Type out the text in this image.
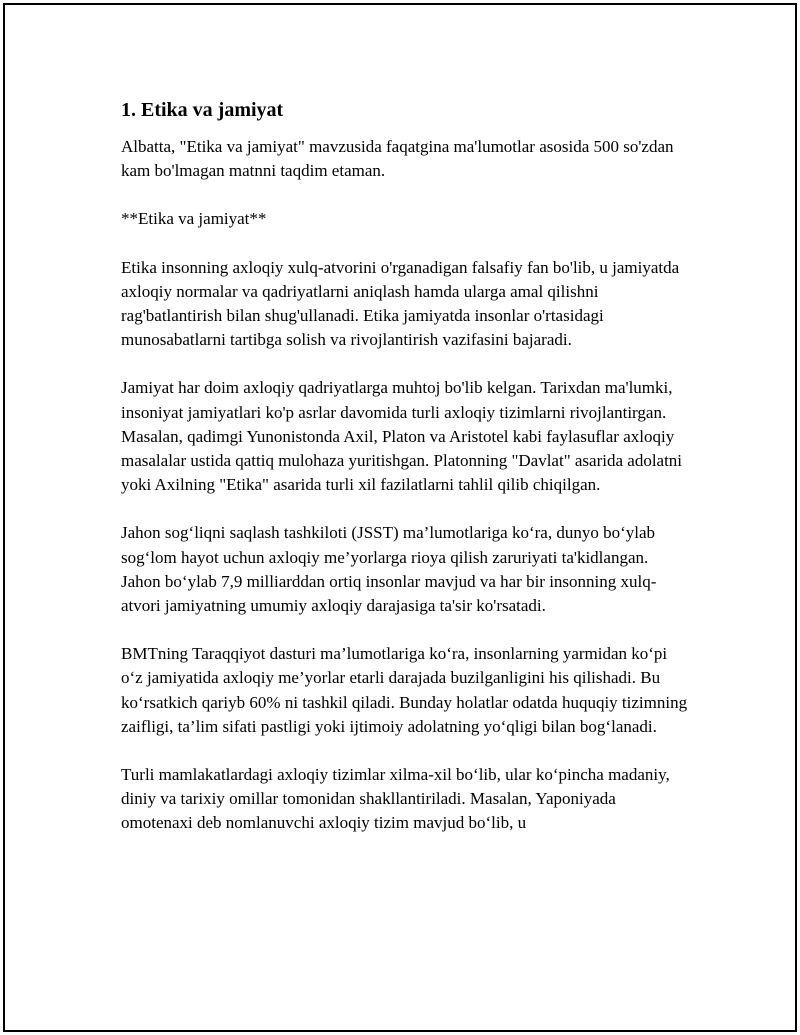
1. Etika va jamiyat

Albatta, "Etika va jamiyat" mavzusida faqatgina ma'lumotlar asosida 500 so'zdan kam bo'lmagan matnni taqdim etaman.

**Etika va jamiyat**

Etika insonning axloqiy xulq-atvorini o'rganadigan falsafiy fan bo'lib, u jamiyatda axloqiy normalar va qadriyatlarni aniqlash hamda ularga amal qilishni rag'batlantirish bilan shug'ullanadi. Etika jamiyatda insonlar o'rtasidagi munosabatlarni tartibga solish va rivojlantirish vazifasini bajaradi.

Jamiyat har doim axloqiy qadriyatlarga muhtoj bo'lib kelgan. Tarixdan ma'lumki, insoniyat jamiyatlari ko'p asrlar davomida turli axloqiy tizimlarni rivojlantirgan. Masalan, qadimgi Yunonistonda Axil, Platon va Aristotel kabi faylasuflar axloqiy masalalar ustida qattiq mulohaza yuritishgan. Platonning "Davlat" asarida adolatni yoki Axilning "Etika" asarida turli xil fazilatlarni tahlil qilib chiqilgan.

Jahon sog‘liqni saqlash tashkiloti (JSST) ma’lumotlariga ko‘ra, dunyo bo‘ylab sog‘lom hayot uchun axloqiy me’yorlarga rioya qilish zaruriyati ta'kidlangan. Jahon bo‘ylab 7,9 milliarddan ortiq insonlar mavjud va har bir insonning xulq-atvori jamiyatning umumiy axloqiy darajasiga ta'sir ko'rsatadi.

BMTning Taraqqiyot dasturi ma’lumotlariga ko‘ra, insonlarning yarmidan ko‘pi o‘z jamiyatida axloqiy me’yorlar etarli darajada buzilganligini his qilishadi. Bu ko‘rsatkich qariyb 60% ni tashkil qiladi. Bunday holatlar odatda huquqiy tizimning zaifligi, ta’lim sifati pastligi yoki ijtimoiy adolatning yo‘qligi bilan bog‘lanadi.

Turli mamlakatlardagi axloqiy tizimlar xilma-xil bo‘lib, ular ko‘pincha madaniy, diniy va tarixiy omillar tomonidan shakllantiriladi. Masalan, Yaponiyada omotenaxi deb nomlanuvchi axloqiy tizim mavjud bo‘lib, u
